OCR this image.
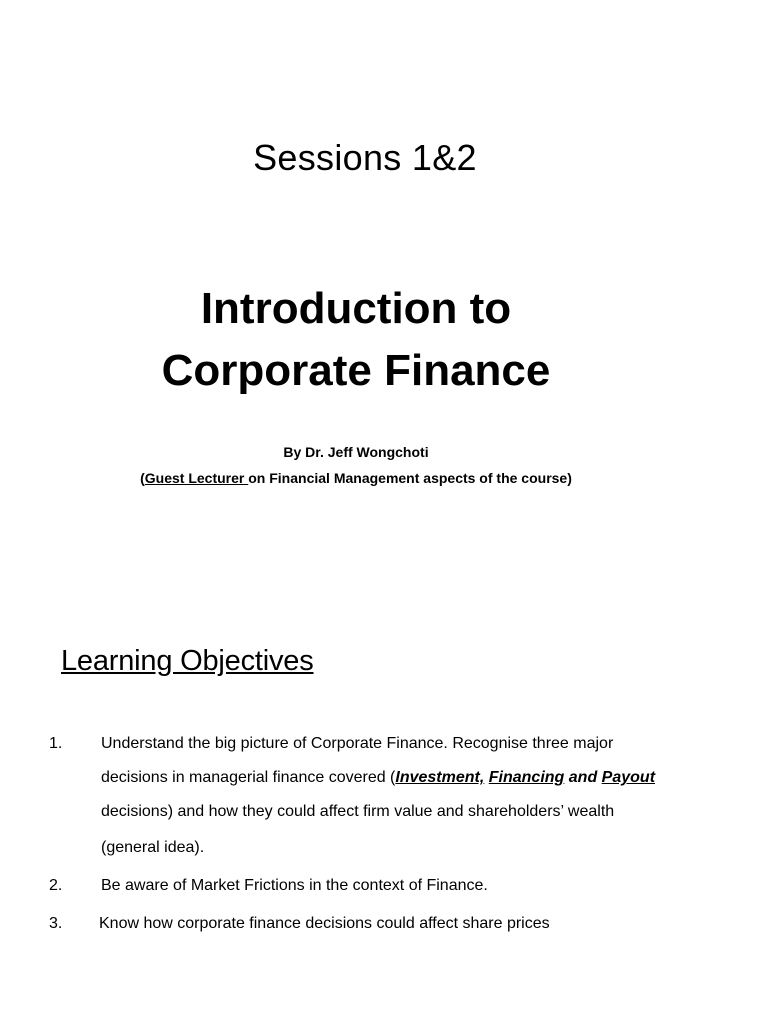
Sessions 1&2
Introduction to
Corporate Finance
By Dr. Jeff Wongchoti
(Guest Lecturer on Financial Management aspects of the course)
Learning Objectives
1. Understand the big picture of Corporate Finance. Recognise three major
decisions in managerial finance covered (Investment, Financing and Payout
decisions) and how they could affect firm value and shareholders’ wealth
(general idea).
2. Be aware of Market Frictions in the context of Finance.
3. Know how corporate finance decisions could affect share prices
